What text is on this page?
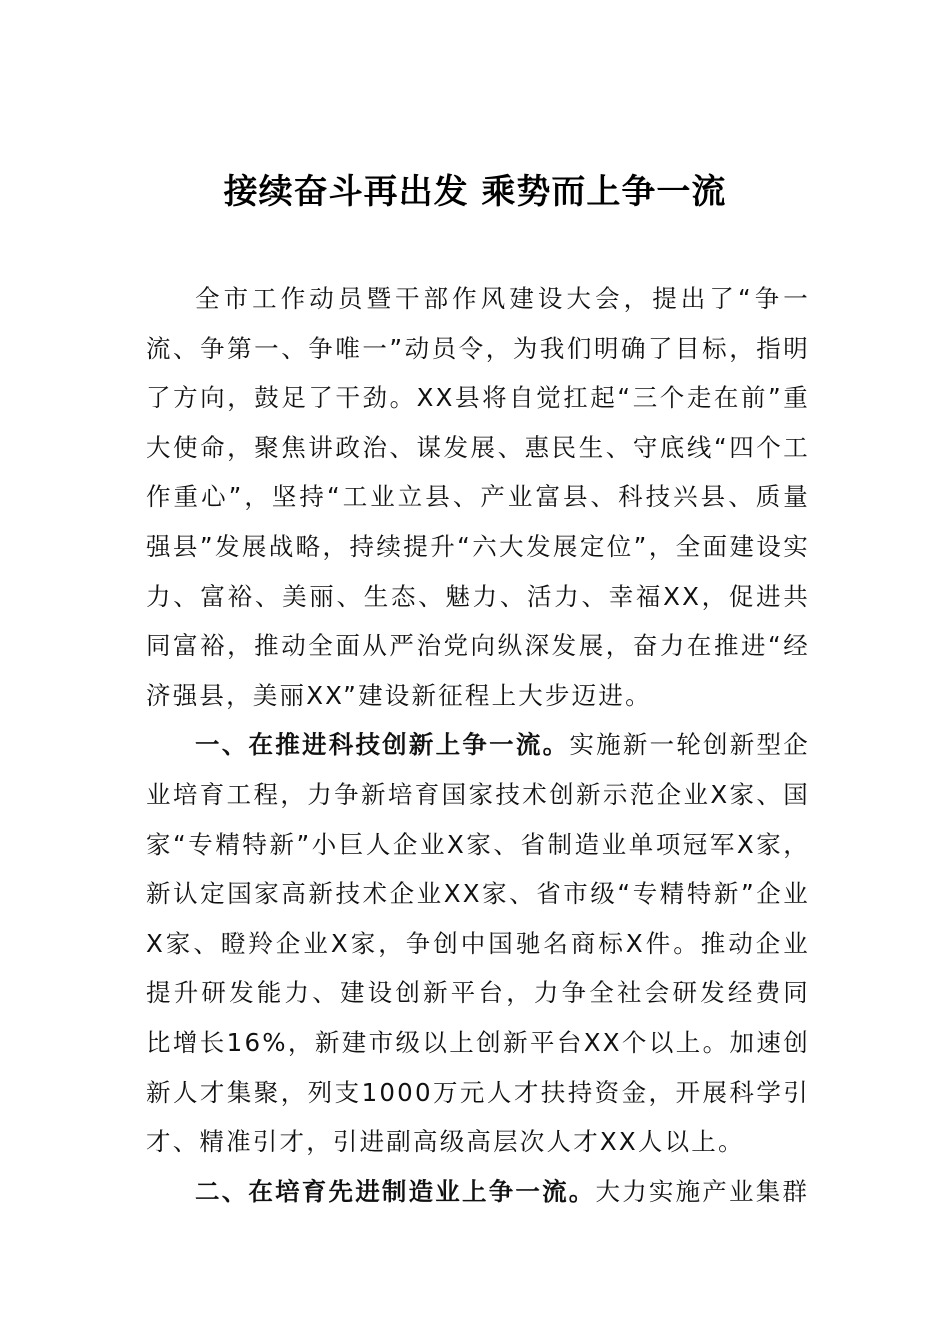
接续奋斗再出发 乘势而上争一流

全市工作动员暨干部作风建设大会，提出了“争一流、争第一、争唯一”动员令，为我们明确了目标，指明了方向，鼓足了干劲。XX县将自觉扛起“三个走在前”重大使命，聚焦讲政治、谋发展、惠民生、守底线“四个工作重心”，坚持“工业立县、产业富县、科技兴县、质量强县”发展战略，持续提升“六大发展定位”，全面建设实力、富裕、美丽、生态、魅力、活力、幸福XX，促进共同富裕，推动全面从严治党向纵深发展，奋力在推进“经济强县，美丽XX”建设新征程上大步迈进。

一、在推进科技创新上争一流。实施新一轮创新型企业培育工程，力争新培育国家技术创新示范企业X家、国家“专精特新”小巨人企业X家、省制造业单项冠军X家，新认定国家高新技术企业XX家、省市级“专精特新”企业X家、瞪羚企业X家，争创中国驰名商标X件。推动企业提升研发能力、建设创新平台，力争全社会研发经费同比增长16%，新建市级以上创新平台XX个以上。加速创新人才集聚，列支1000万元人才扶持资金，开展科学引才、精准引才，引进副高级高层次人才XX人以上。

二、在培育先进制造业上争一流。大力实施产业集群
